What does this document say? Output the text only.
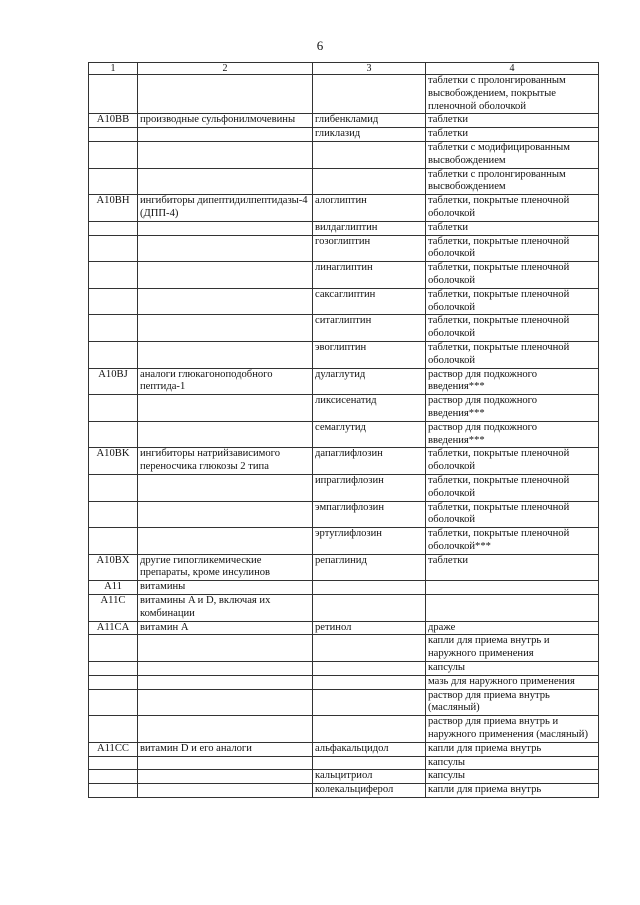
6
1	2	3	4
			таблетки с пролонгированным высвобождением, покрытые пленочной оболочкой
A10BB	производные сульфонилмочевины	глибенкламид	таблетки
		гликлазид	таблетки
			таблетки с модифицированным высвобождением
			таблетки с пролонгированным высвобождением
A10BH	ингибиторы дипептидилпептидазы-4 (ДПП-4)	алоглиптин	таблетки, покрытые пленочной оболочкой
		вилдаглиптин	таблетки
		гозоглиптин	таблетки, покрытые пленочной оболочкой
		линаглиптин	таблетки, покрытые пленочной оболочкой
		саксаглиптин	таблетки, покрытые пленочной оболочкой
		ситаглиптин	таблетки, покрытые пленочной оболочкой
		эвоглиптин	таблетки, покрытые пленочной оболочкой
A10BJ	аналоги глюкагоноподобного пептида-1	дулаглутид	раствор для подкожного введения***
		ликсисенатид	раствор для подкожного введения***
		семаглутид	раствор для подкожного введения***
A10BK	ингибиторы натрийзависимого переносчика глюкозы 2 типа	дапаглифлозин	таблетки, покрытые пленочной оболочкой
		ипраглифлозин	таблетки, покрытые пленочной оболочкой
		эмпаглифлозин	таблетки, покрытые пленочной оболочкой
		эртуглифлозин	таблетки, покрытые пленочной оболочкой***
A10BX	другие гипогликемические препараты, кроме инсулинов	репаглинид	таблетки
A11	витамины		
A11C	витамины A и D, включая их комбинации		
A11CA	витамин A	ретинол	драже
			капли для приема внутрь и наружного применения
			капсулы
			мазь для наружного применения
			раствор для приема внутрь (масляный)
			раствор для приема внутрь и наружного применения (масляный)
A11CC	витамин D и его аналоги	альфакальцидол	капли для приема внутрь
			капсулы
		кальцитриол	капсулы
		колекальциферол	капли для приема внутрь
